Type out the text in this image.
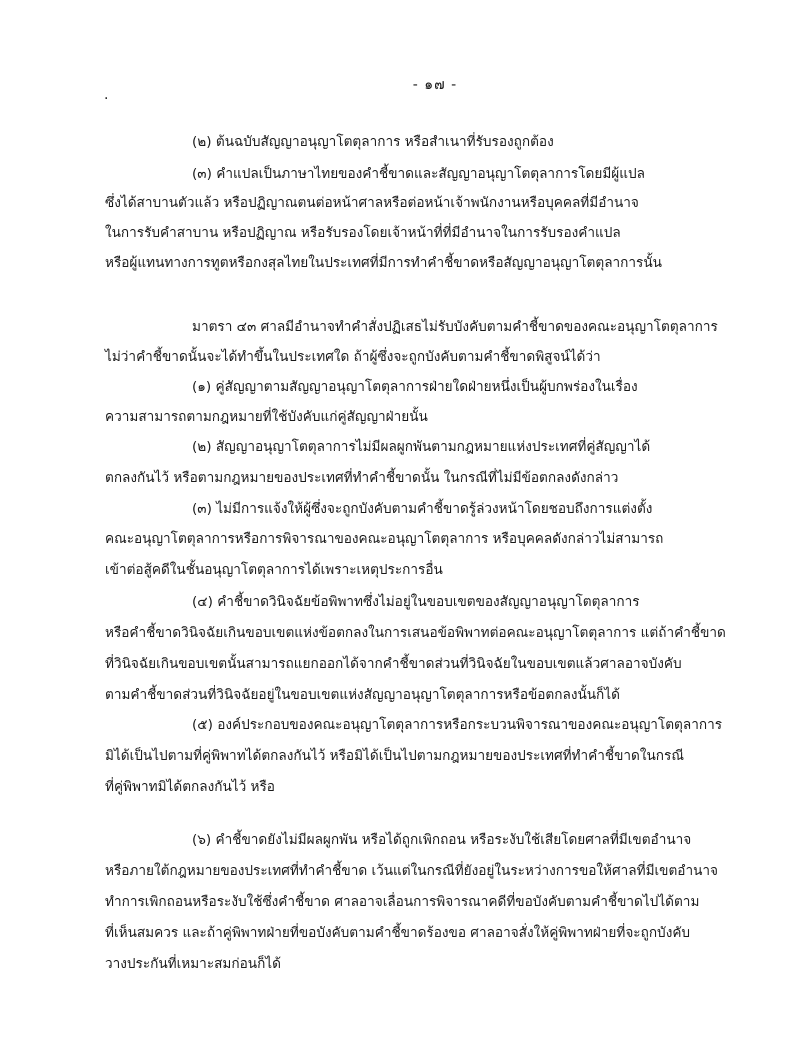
- ๑๗ -
.
(๒) ต้นฉบับสัญญาอนุญาโตตุลาการ หรือสำเนาที่รับรองถูกต้อง
(๓) คำแปลเป็นภาษาไทยของคำชี้ขาดและสัญญาอนุญาโตตุลาการโดยมีผู้แปล
ซึ่งได้สาบานตัวแล้ว หรือปฏิญาณตนต่อหน้าศาลหรือต่อหน้าเจ้าพนักงานหรือบุคคลที่มีอำนาจ
ในการรับคำสาบาน หรือปฏิญาณ หรือรับรองโดยเจ้าหน้าที่ที่มีอำนาจในการรับรองคำแปล
หรือผู้แทนทางการทูตหรือกงสุลไทยในประเทศที่มีการทำคำชี้ขาดหรือสัญญาอนุญาโตตุลาการนั้น
มาตรา ๔๓ ศาลมีอำนาจทำคำสั่งปฏิเสธไม่รับบังคับตามคำชี้ขาดของคณะอนุญาโตตุลาการ
ไม่ว่าคำชี้ขาดนั้นจะได้ทำขึ้นในประเทศใด ถ้าผู้ซึ่งจะถูกบังคับตามคำชี้ขาดพิสูจน์ได้ว่า
(๑) คู่สัญญาตามสัญญาอนุญาโตตุลาการฝ่ายใดฝ่ายหนึ่งเป็นผู้บกพร่องในเรื่อง
ความสามารถตามกฎหมายที่ใช้บังคับแก่คู่สัญญาฝ่ายนั้น
(๒) สัญญาอนุญาโตตุลาการไม่มีผลผูกพันตามกฎหมายแห่งประเทศที่คู่สัญญาได้
ตกลงกันไว้ หรือตามกฎหมายของประเทศที่ทำคำชี้ขาดนั้น ในกรณีที่ไม่มีข้อตกลงดังกล่าว
(๓) ไม่มีการแจ้งให้ผู้ซึ่งจะถูกบังคับตามคำชี้ขาดรู้ล่วงหน้าโดยชอบถึงการแต่งตั้ง
คณะอนุญาโตตุลาการหรือการพิจารณาของคณะอนุญาโตตุลาการ หรือบุคคลดังกล่าวไม่สามารถ
เข้าต่อสู้คดีในชั้นอนุญาโตตุลาการได้เพราะเหตุประการอื่น
(๔) คำชี้ขาดวินิจฉัยข้อพิพาทซึ่งไม่อยู่ในขอบเขตของสัญญาอนุญาโตตุลาการ
หรือคำชี้ขาดวินิจฉัยเกินขอบเขตแห่งข้อตกลงในการเสนอข้อพิพาทต่อคณะอนุญาโตตุลาการ แต่ถ้าคำชี้ขาด
ที่วินิจฉัยเกินขอบเขตนั้นสามารถแยกออกได้จากคำชี้ขาดส่วนที่วินิจฉัยในขอบเขตแล้วศาลอาจบังคับ
ตามคำชี้ขาดส่วนที่วินิจฉัยอยู่ในขอบเขตแห่งสัญญาอนุญาโตตุลาการหรือข้อตกลงนั้นก็ได้
(๕) องค์ประกอบของคณะอนุญาโตตุลาการหรือกระบวนพิจารณาของคณะอนุญาโตตุลาการ
มิได้เป็นไปตามที่คู่พิพาทได้ตกลงกันไว้ หรือมิได้เป็นไปตามกฎหมายของประเทศที่ทำคำชี้ขาดในกรณี
ที่คู่พิพาทมิได้ตกลงกันไว้ หรือ
(๖) คำชี้ขาดยังไม่มีผลผูกพัน หรือได้ถูกเพิกถอน หรือระงับใช้เสียโดยศาลที่มีเขตอำนาจ
หรือภายใต้กฎหมายของประเทศที่ทำคำชี้ขาด เว้นแต่ในกรณีที่ยังอยู่ในระหว่างการขอให้ศาลที่มีเขตอำนาจ
ทำการเพิกถอนหรือระงับใช้ซึ่งคำชี้ขาด ศาลอาจเลื่อนการพิจารณาคดีที่ขอบังคับตามคำชี้ขาดไปได้ตาม
ที่เห็นสมควร และถ้าคู่พิพาทฝ่ายที่ขอบังคับตามคำชี้ขาดร้องขอ ศาลอาจสั่งให้คู่พิพาทฝ่ายที่จะถูกบังคับ
วางประกันที่เหมาะสมก่อนก็ได้
